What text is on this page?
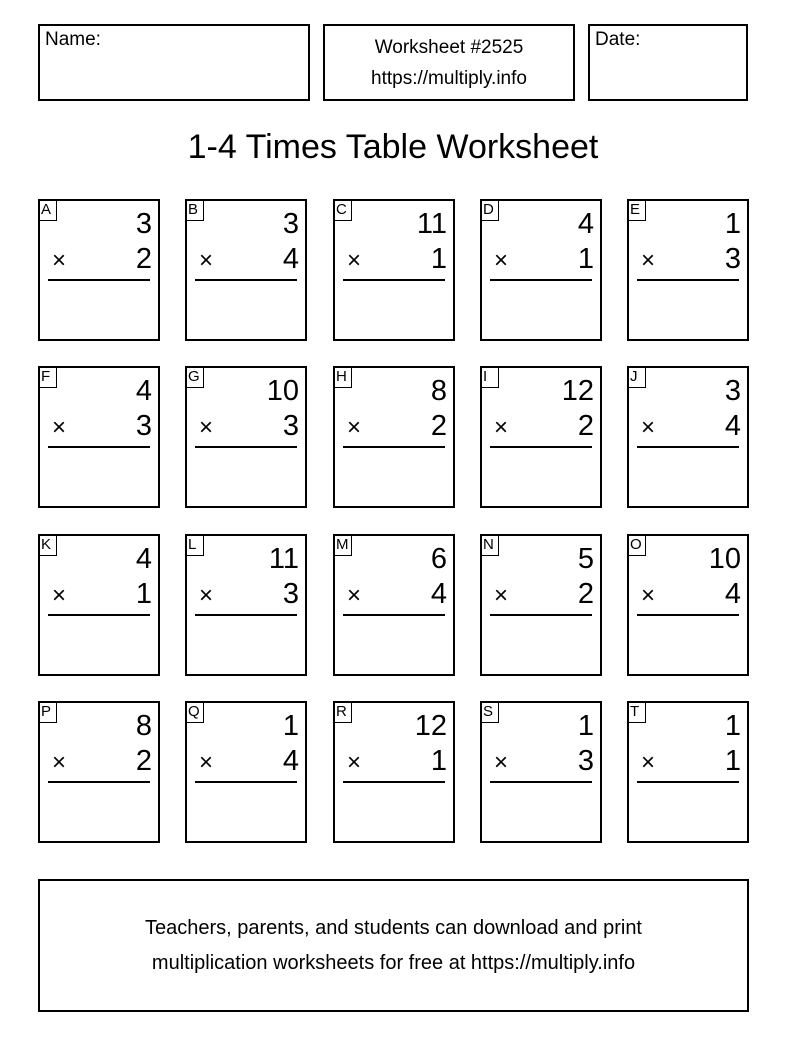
Name:	Worksheet #2525
https://multiply.info
Date:
1-4 Times Table Worksheet
A	3
× 2
B	3
× 4
C 11
× 1
D	4
× 1
E	1
× 3
F	4
× 3
G 10
× 3
H	8
× 2
I	12
× 2
J	3
× 4
K	4
× 1
L	11
× 3
M	6
× 4
N	5
× 2
O 10
× 4
P	8
× 2
Q	1
× 4
R 12
× 1
S	1
× 3
T	1
× 1
Teachers, parents, and students can download and print
multiplication worksheets for free at https://multiply.info
